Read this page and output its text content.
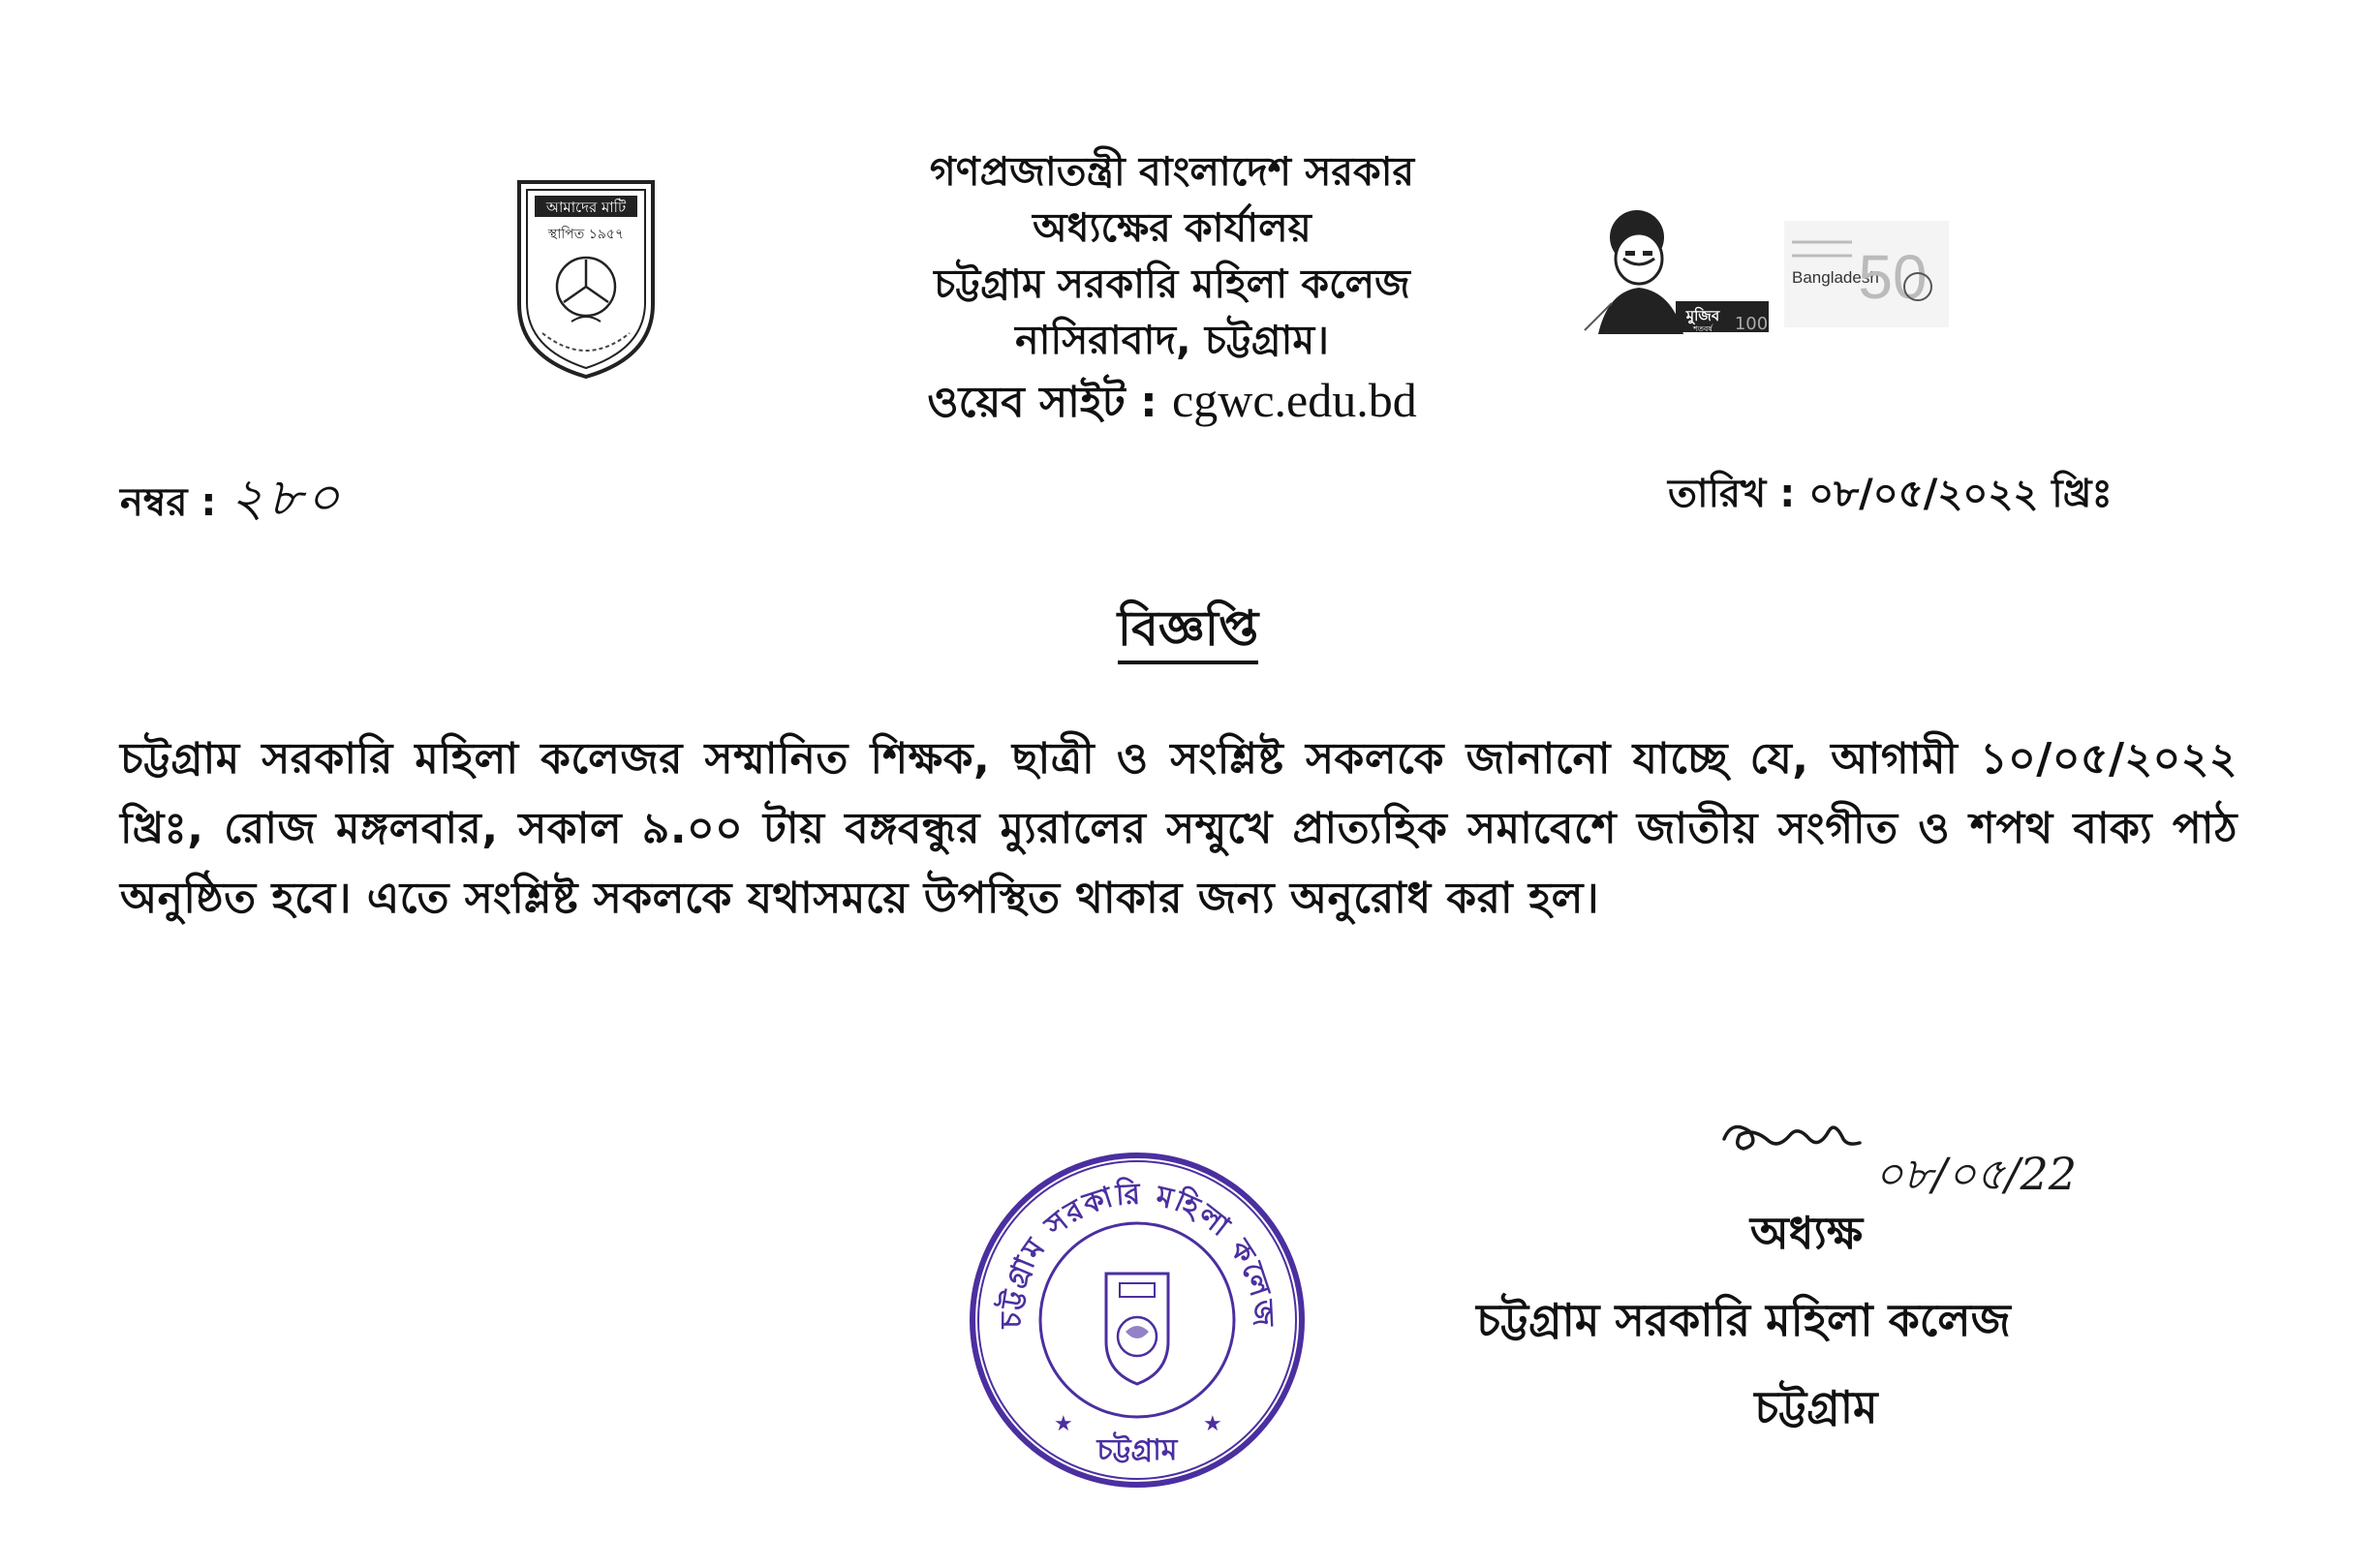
আমাদের মাটি
স্থাপিত ১৯৫৭
গণপ্রজাতন্ত্রী বাংলাদেশ সরকার
অধ্যক্ষের কার্যালয়
চট্টগ্রাম সরকারি মহিলা কলেজ
নাসিরাবাদ, চট্টগ্রাম।
ওয়েব সাইট : cgwc.edu.bd
মুজিব
শতবর্ষ 100
Bangladesh
50
নম্বর : ২৮০	তারিখ : ০৮/০৫/২০২২ খ্রিঃ
বিজ্ঞপ্তি
চট্টগ্রাম সরকারি মহিলা কলেজর সম্মানিত শিক্ষক, ছাত্রী ও সংশ্লিষ্ট সকলকে জানানো যাচ্ছে যে, আগামী ১০/০৫/২০২২ খ্রিঃ, রোজ মঙ্গলবার, সকাল ৯.০০ টায় বঙ্গবন্ধুর ম্যুরালের সম্মুখে প্রাত্যহিক সমাবেশে জাতীয় সংগীত ও শপথ বাক্য পাঠ অনুষ্ঠিত হবে। এতে সংশ্লিষ্ট সকলকে যথাসময়ে উপস্থিত থাকার জন্য অনুরোধ করা হল।
০৮/০৫/22
অধ্যক্ষ
চট্টগ্রাম সরকারি মহিলা কলেজ
চট্টগ্রাম
চট্টগ্রাম সরকারি মহিলা কলেজ
চট্টগ্রাম
★	★
